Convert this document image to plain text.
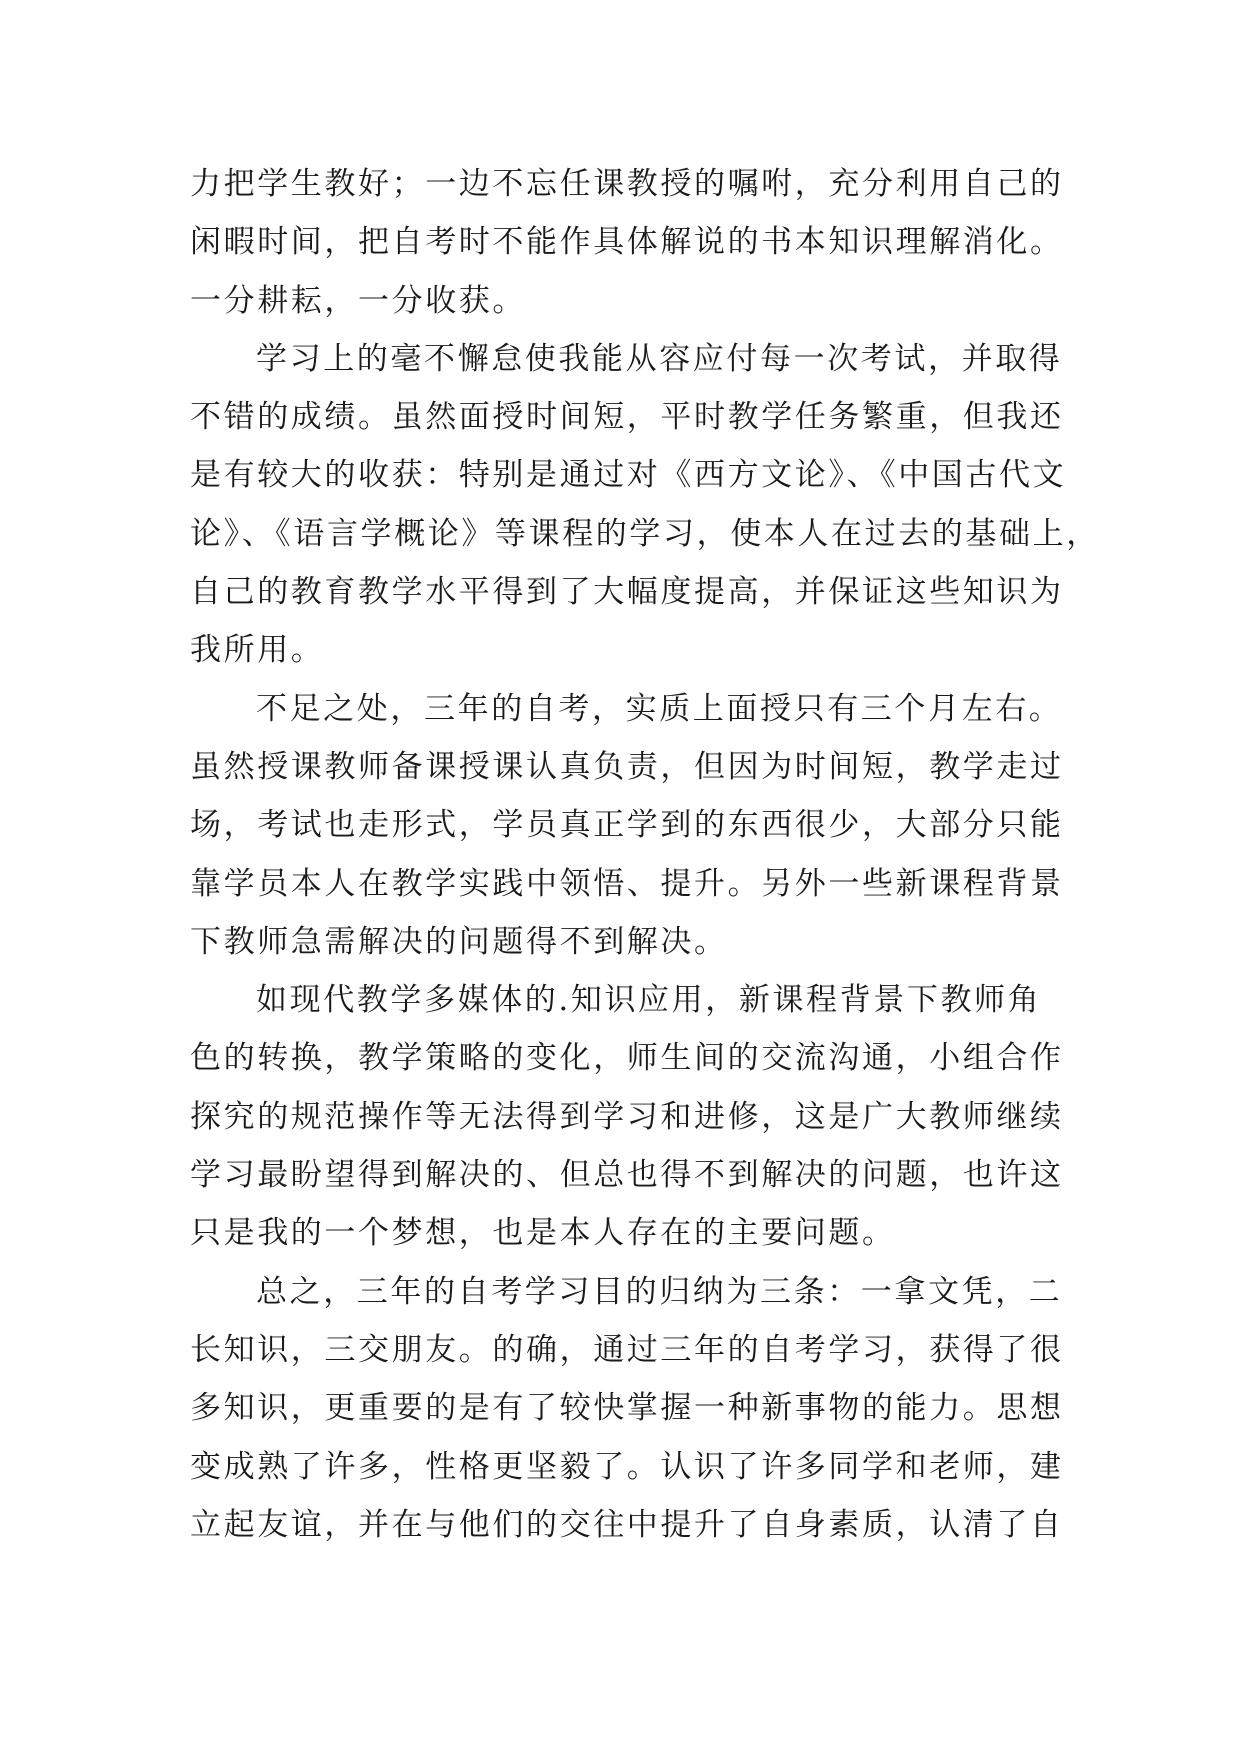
力把学生教好；一边不忘任课教授的嘱咐，充分利用自己的
闲暇时间，把自考时不能作具体解说的书本知识理解消化。
一分耕耘，一分收获。
学习上的毫不懈怠使我能从容应付每一次考试，并取得
不错的成绩。虽然面授时间短，平时教学任务繁重，但我还
是有较大的收获：特别是通过对《西方文论》、《中国古代文
论》、《语言学概论》等课程的学习，使本人在过去的基础上，
自己的教育教学水平得到了大幅度提高，并保证这些知识为
我所用。
不足之处，三年的自考，实质上面授只有三个月左右。
虽然授课教师备课授课认真负责，但因为时间短，教学走过
场，考试也走形式，学员真正学到的东西很少，大部分只能
靠学员本人在教学实践中领悟、提升。另外一些新课程背景
下教师急需解决的问题得不到解决。
如现代教学多媒体的.知识应用，新课程背景下教师角
色的转换，教学策略的变化，师生间的交流沟通，小组合作
探究的规范操作等无法得到学习和进修，这是广大教师继续
学习最盼望得到解决的、但总也得不到解决的问题，也许这
只是我的一个梦想，也是本人存在的主要问题。
总之，三年的自考学习目的归纳为三条：一拿文凭，二
长知识，三交朋友。的确，通过三年的自考学习，获得了很
多知识，更重要的是有了较快掌握一种新事物的能力。思想
变成熟了许多，性格更坚毅了。认识了许多同学和老师，建
立起友谊，并在与他们的交往中提升了自身素质，认清了自
